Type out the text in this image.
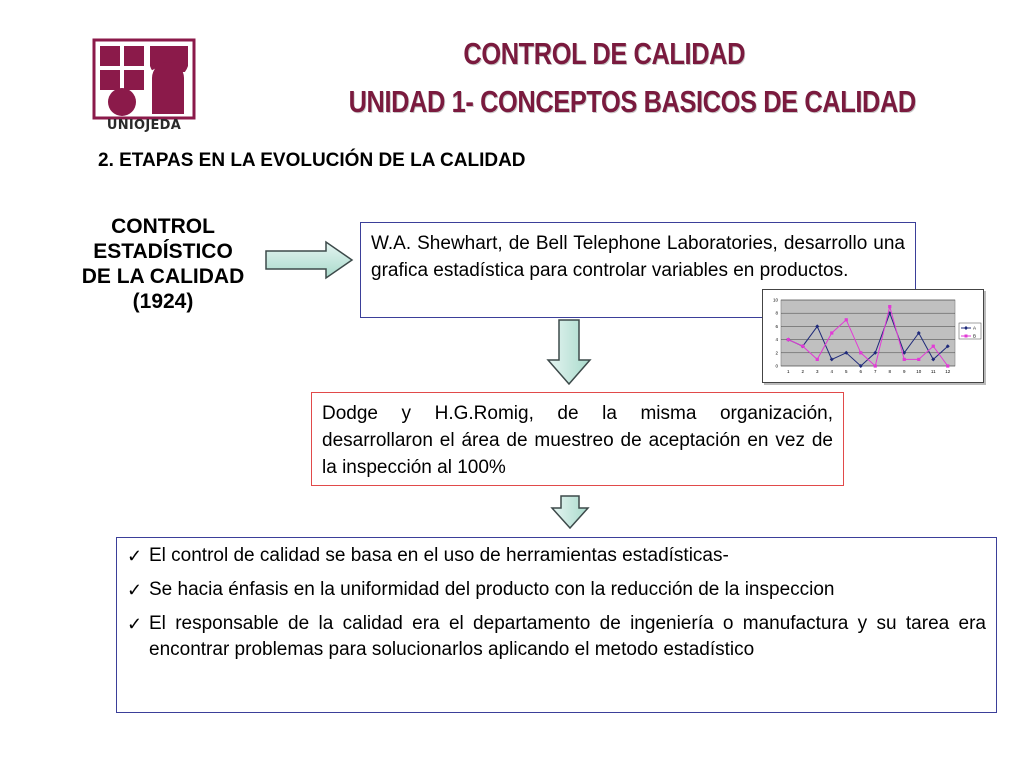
UNIOJEDA
CONTROL DE CALIDAD
UNIDAD 1- CONCEPTOS BASICOS DE CALIDAD
2. ETAPAS EN LA EVOLUCIÓN DE LA CALIDAD
CONTROL
ESTADÍSTICO
DE LA CALIDAD
(1924)
W.A. Shewhart, de Bell Telephone Laboratories, desarrollo una grafica estadística para controlar variables en productos.
0
2
4
6
8
10
1	2	3	4	5	6	7	8	9 10 11 12
A
B
Dodge y H.G.Romig, de la misma organización, desarrollaron el área de muestreo de aceptación en vez de la inspección al 100%
✓ El control de calidad se basa en el uso de herramientas estadísticas-
✓ Se hacia énfasis en la uniformidad del producto con la reducción de la inspeccion
✓ El responsable de la calidad era el departamento de ingeniería o manufactura y su tarea era encontrar problemas para solucionarlos aplicando el metodo estadístico
